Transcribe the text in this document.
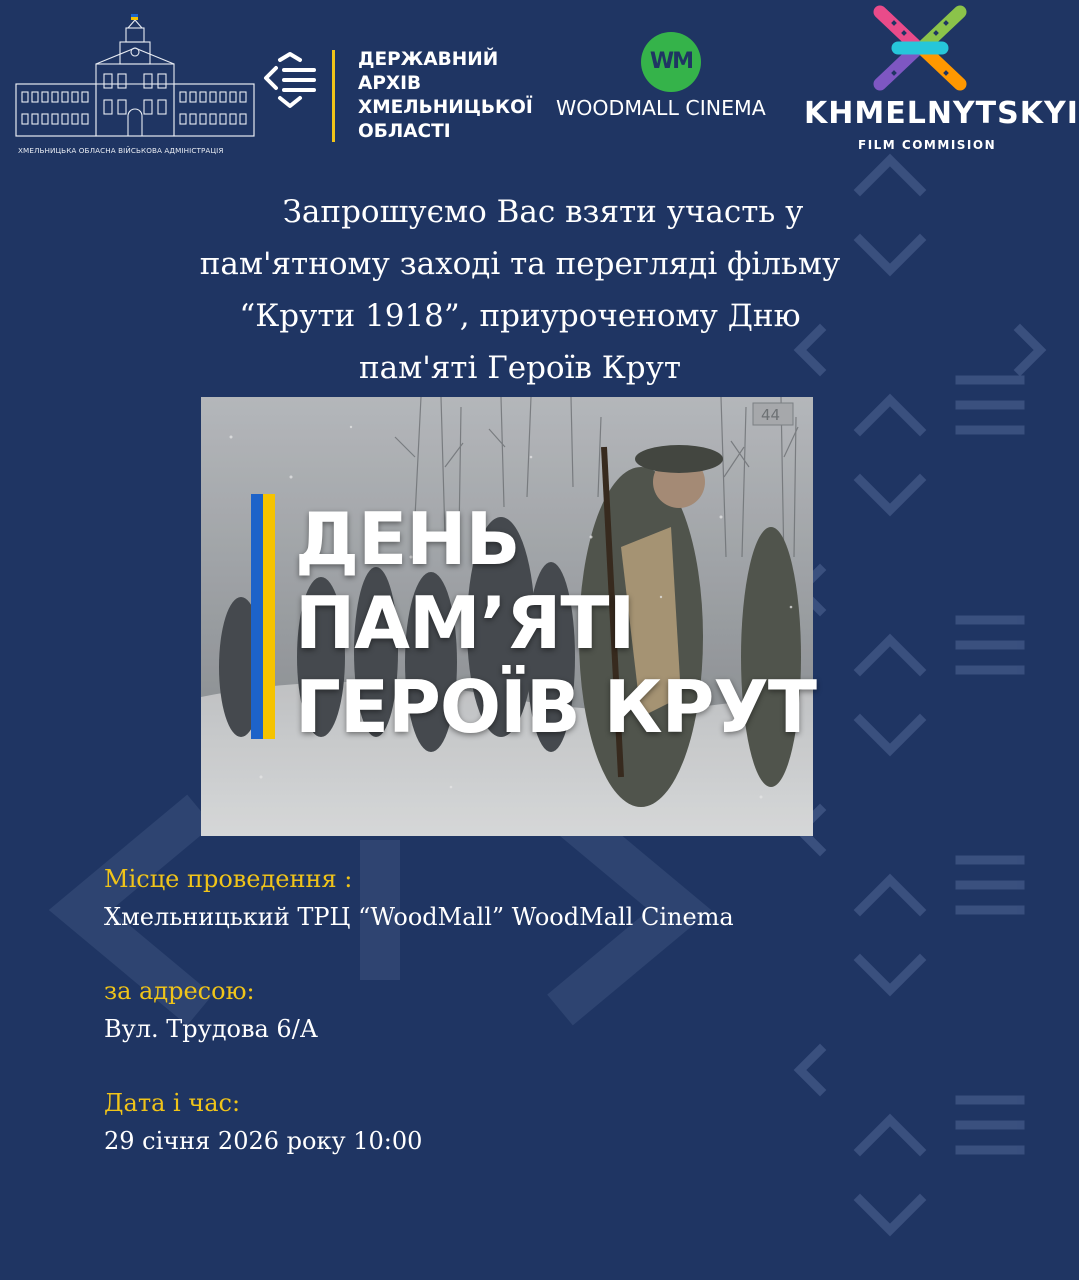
ХМЕЛЬНИЦЬКА ОБЛАСНА ВІЙСЬКОВА АДМІНІСТРАЦІЯ
ДЕРЖАВНИЙ
АРХІВ
ХМЕЛЬНИЦЬКОЇ
ОБЛАСТІ
WM
WOODMALL CINEMA KHMELNYTSKYI
FILM COMMISION
Запрошуємо Вас взяти участь у
пам'ятному заході та перегляді фільму
“Крути 1918”, приуроченому Дню
пам'яті Героїв Крут
44
ДЕНЬ
ПАМ’ЯТІ
ГЕРОЇВ КРУТ
Місце проведення :
Хмельницький ТРЦ “WoodMall” WoodMall Cinema
за адресою:
Вул. Трудова 6/А
Дата і час:
29 січня 2026 року 10:00
